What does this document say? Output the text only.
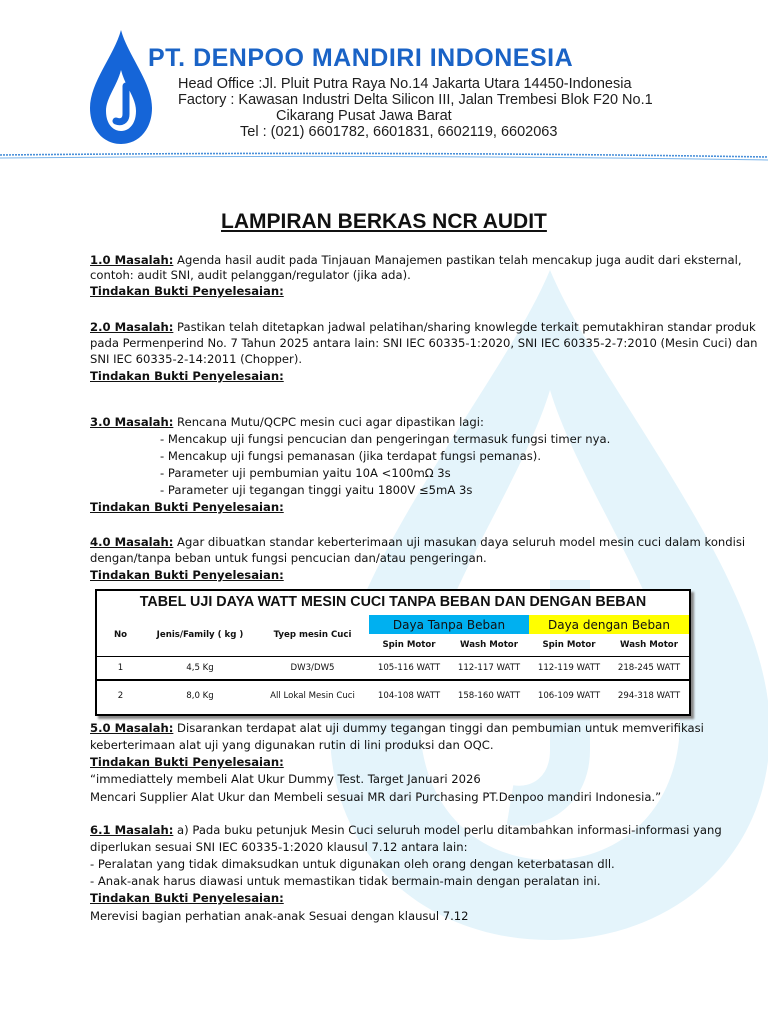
PT. DENPOO MANDIRI INDONESIA
Head Office :Jl. Pluit Putra Raya No.14 Jakarta Utara 14450-Indonesia
Factory : Kawasan Industri Delta Silicon III, Jalan Trembesi Blok F20 No.1
Cikarang Pusat Jawa Barat
Tel : (021) 6601782, 6601831, 6602119, 6602063
LAMPIRAN BERKAS NCR AUDIT
1.0 Masalah: Agenda hasil audit pada Tinjauan Manajemen pastikan telah mencakup juga audit dari eksternal,
contoh: audit SNI, audit pelanggan/regulator (jika ada).
Tindakan Bukti Penyelesaian:
2.0 Masalah: Pastikan telah ditetapkan jadwal pelatihan/sharing knowlegde terkait pemutakhiran standar produk
pada Permenperind No. 7 Tahun 2025 antara lain: SNI IEC 60335-1:2020, SNI IEC 60335-2-7:2010 (Mesin Cuci) dan
SNI IEC 60335-2-14:2011 (Chopper).
Tindakan Bukti Penyelesaian:
3.0 Masalah: Rencana Mutu/QCPC mesin cuci agar dipastikan lagi:
- Mencakup uji fungsi pencucian dan pengeringan termasuk fungsi timer nya.
- Mencakup uji fungsi pemanasan (jika terdapat fungsi pemanas).
- Parameter uji pembumian yaitu 10A <100mΩ 3s
- Parameter uji tegangan tinggi yaitu 1800V ≤5mA 3s
Tindakan Bukti Penyelesaian:
4.0 Masalah: Agar dibuatkan standar keberterimaan uji masukan daya seluruh model mesin cuci dalam kondisi
dengan/tanpa beban untuk fungsi pencucian dan/atau pengeringan.
Tindakan Bukti Penyelesaian:
TABEL UJI DAYA WATT MESIN CUCI TANPA BEBAN DAN DENGAN BEBAN
No	Jenis/Family ( kg )	Tyep mesin Cuci	Daya Tanpa Beban		Daya dengan Beban	
			Spin Motor	Wash Motor	Spin Motor	Wash Motor
1	4,5 Kg	DW3/DW5	105-116 WATT	112-117 WATT	112-119 WATT	218-245 WATT
2	8,0 Kg	All Lokal Mesin Cuci	104-108 WATT	158-160 WATT	106-109 WATT	294-318 WATT
5.0 Masalah: Disarankan terdapat alat uji dummy tegangan tinggi dan pembumian untuk memverifikasi
keberterimaan alat uji yang digunakan rutin di lini produksi dan OQC.
Tindakan Bukti Penyelesaian:
“immediattely membeli Alat Ukur Dummy Test. Target Januari 2026
Mencari Supplier Alat Ukur dan Membeli sesuai MR dari Purchasing PT.Denpoo mandiri Indonesia.”
6.1 Masalah: a) Pada buku petunjuk Mesin Cuci seluruh model perlu ditambahkan informasi-informasi yang
diperlukan sesuai SNI IEC 60335-1:2020 klausul 7.12 antara lain:
- Peralatan yang tidak dimaksudkan untuk digunakan oleh orang dengan keterbatasan dll.
- Anak-anak harus diawasi untuk memastikan tidak bermain-main dengan peralatan ini.
Tindakan Bukti Penyelesaian:
Merevisi bagian perhatian anak-anak Sesuai dengan klausul 7.12
